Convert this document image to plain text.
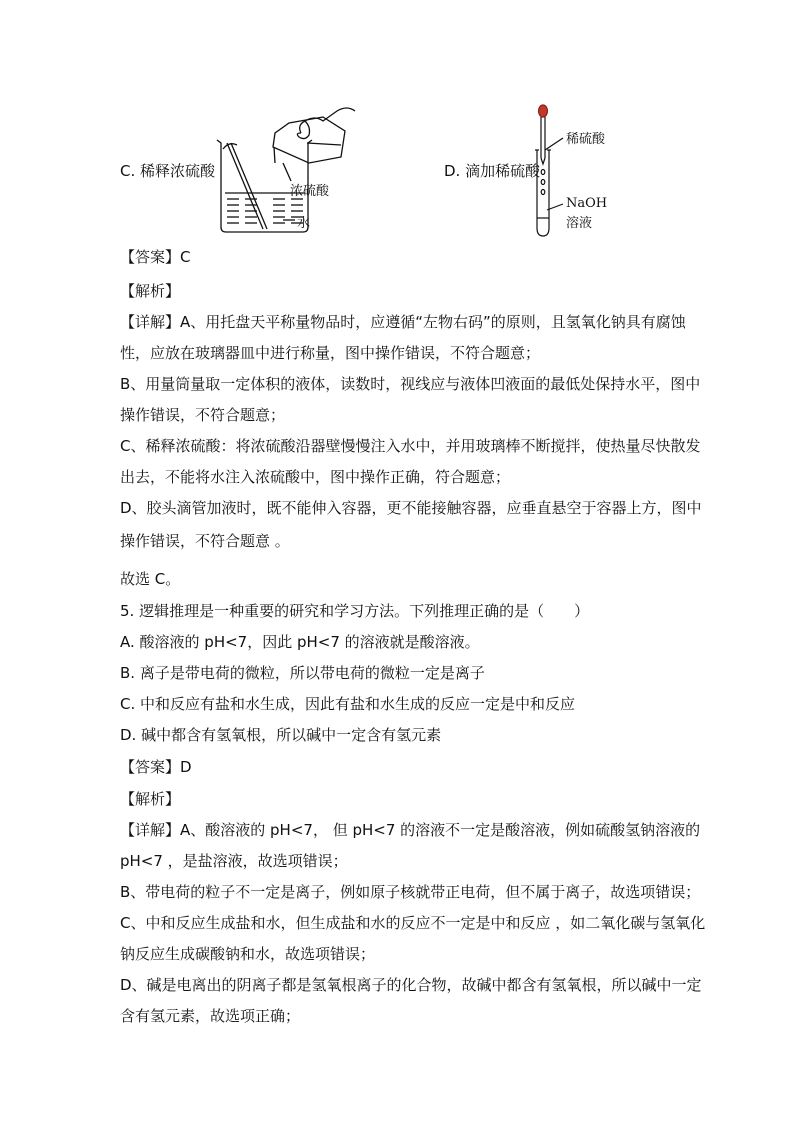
C. 稀释浓硫酸
浓硫酸
水
D. 滴加稀硫酸
稀硫酸
NaOH
溶液
【答案】C
【解析】
【详解】A、用托盘天平称量物品时，应遵循“左物右码”的原则，且氢氧化钠具有腐蚀
性，应放在玻璃器皿中进行称量，图中操作错误，不符合题意；
B、用量筒量取一定体积的液体，读数时，视线应与液体凹液面的最低处保持水平，图中
操作错误，不符合题意；
C、稀释浓硫酸：将浓硫酸沿器壁慢慢注入水中，并用玻璃棒不断搅拌，使热量尽快散发
出去，不能将水注入浓硫酸中，图中操作正确，符合题意；
D、胶头滴管加液时，既不能伸入容器，更不能接触容器，应垂直悬空于容器上方，图中
操作错误，不符合题意 。
故选 C。
5. 逻辑推理是一种重要的研究和学习方法。下列推理正确的是（　　）
A. 酸溶液的 pH<7，因此 pH<7 的溶液就是酸溶液。
B. 离子是带电荷的微粒，所以带电荷的微粒一定是离子
C. 中和反应有盐和水生成，因此有盐和水生成的反应一定是中和反应
D. 碱中都含有氢氧根，所以碱中一定含有氢元素
【答案】D
【解析】
【详解】A、酸溶液的 pH<7， 但 pH<7 的溶液不一定是酸溶液，例如硫酸氢钠溶液的
pH<7 ，是盐溶液，故选项错误；
B、带电荷的粒子不一定是离子，例如原子核就带正电荷，但不属于离子，故选项错误；
C、中和反应生成盐和水，但生成盐和水的反应不一定是中和反应 ，如二氧化碳与氢氧化
钠反应生成碳酸钠和水，故选项错误；
D、碱是电离出的阴离子都是氢氧根离子的化合物，故碱中都含有氢氧根，所以碱中一定
含有氢元素，故选项正确；
